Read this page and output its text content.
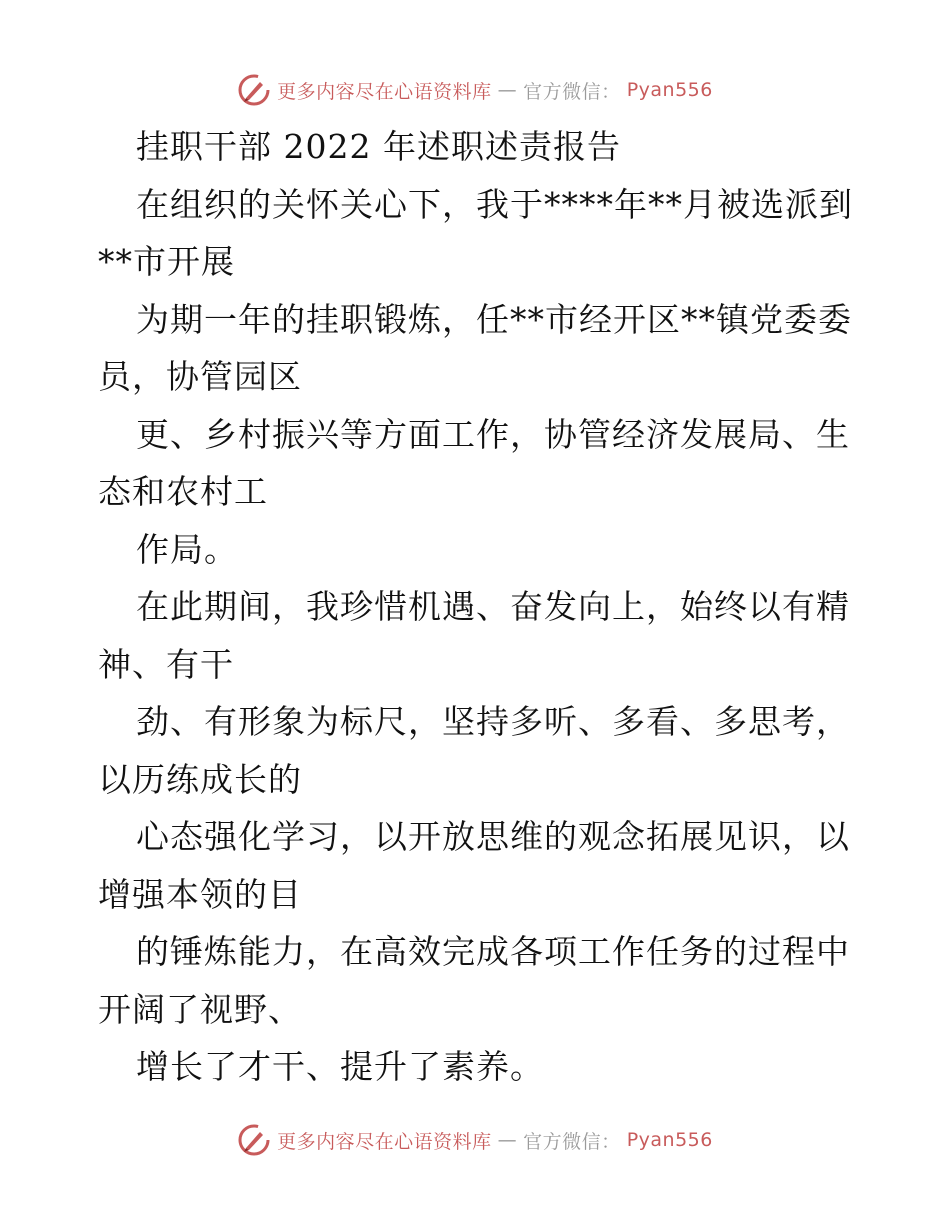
更多内容尽在心语资料库 — 官方微信： Pyan556

挂职干部 2022 年述职述责报告

在组织的关怀关心下，我于****年**月被选派到

**市开展

为期一年的挂职锻炼，任**市经开区**镇党委委

员，协管园区

更、乡村振兴等方面工作，协管经济发展局、生

态和农村工

作局。

在此期间，我珍惜机遇、奋发向上，始终以有精

神、有干

劲、有形象为标尺，坚持多听、多看、多思考，

以历练成长的

心态强化学习，以开放思维的观念拓展见识，以

增强本领的目

的锤炼能力，在高效完成各项工作任务的过程中

开阔了视野、

增长了才干、提升了素养。

更多内容尽在心语资料库 — 官方微信： Pyan556
